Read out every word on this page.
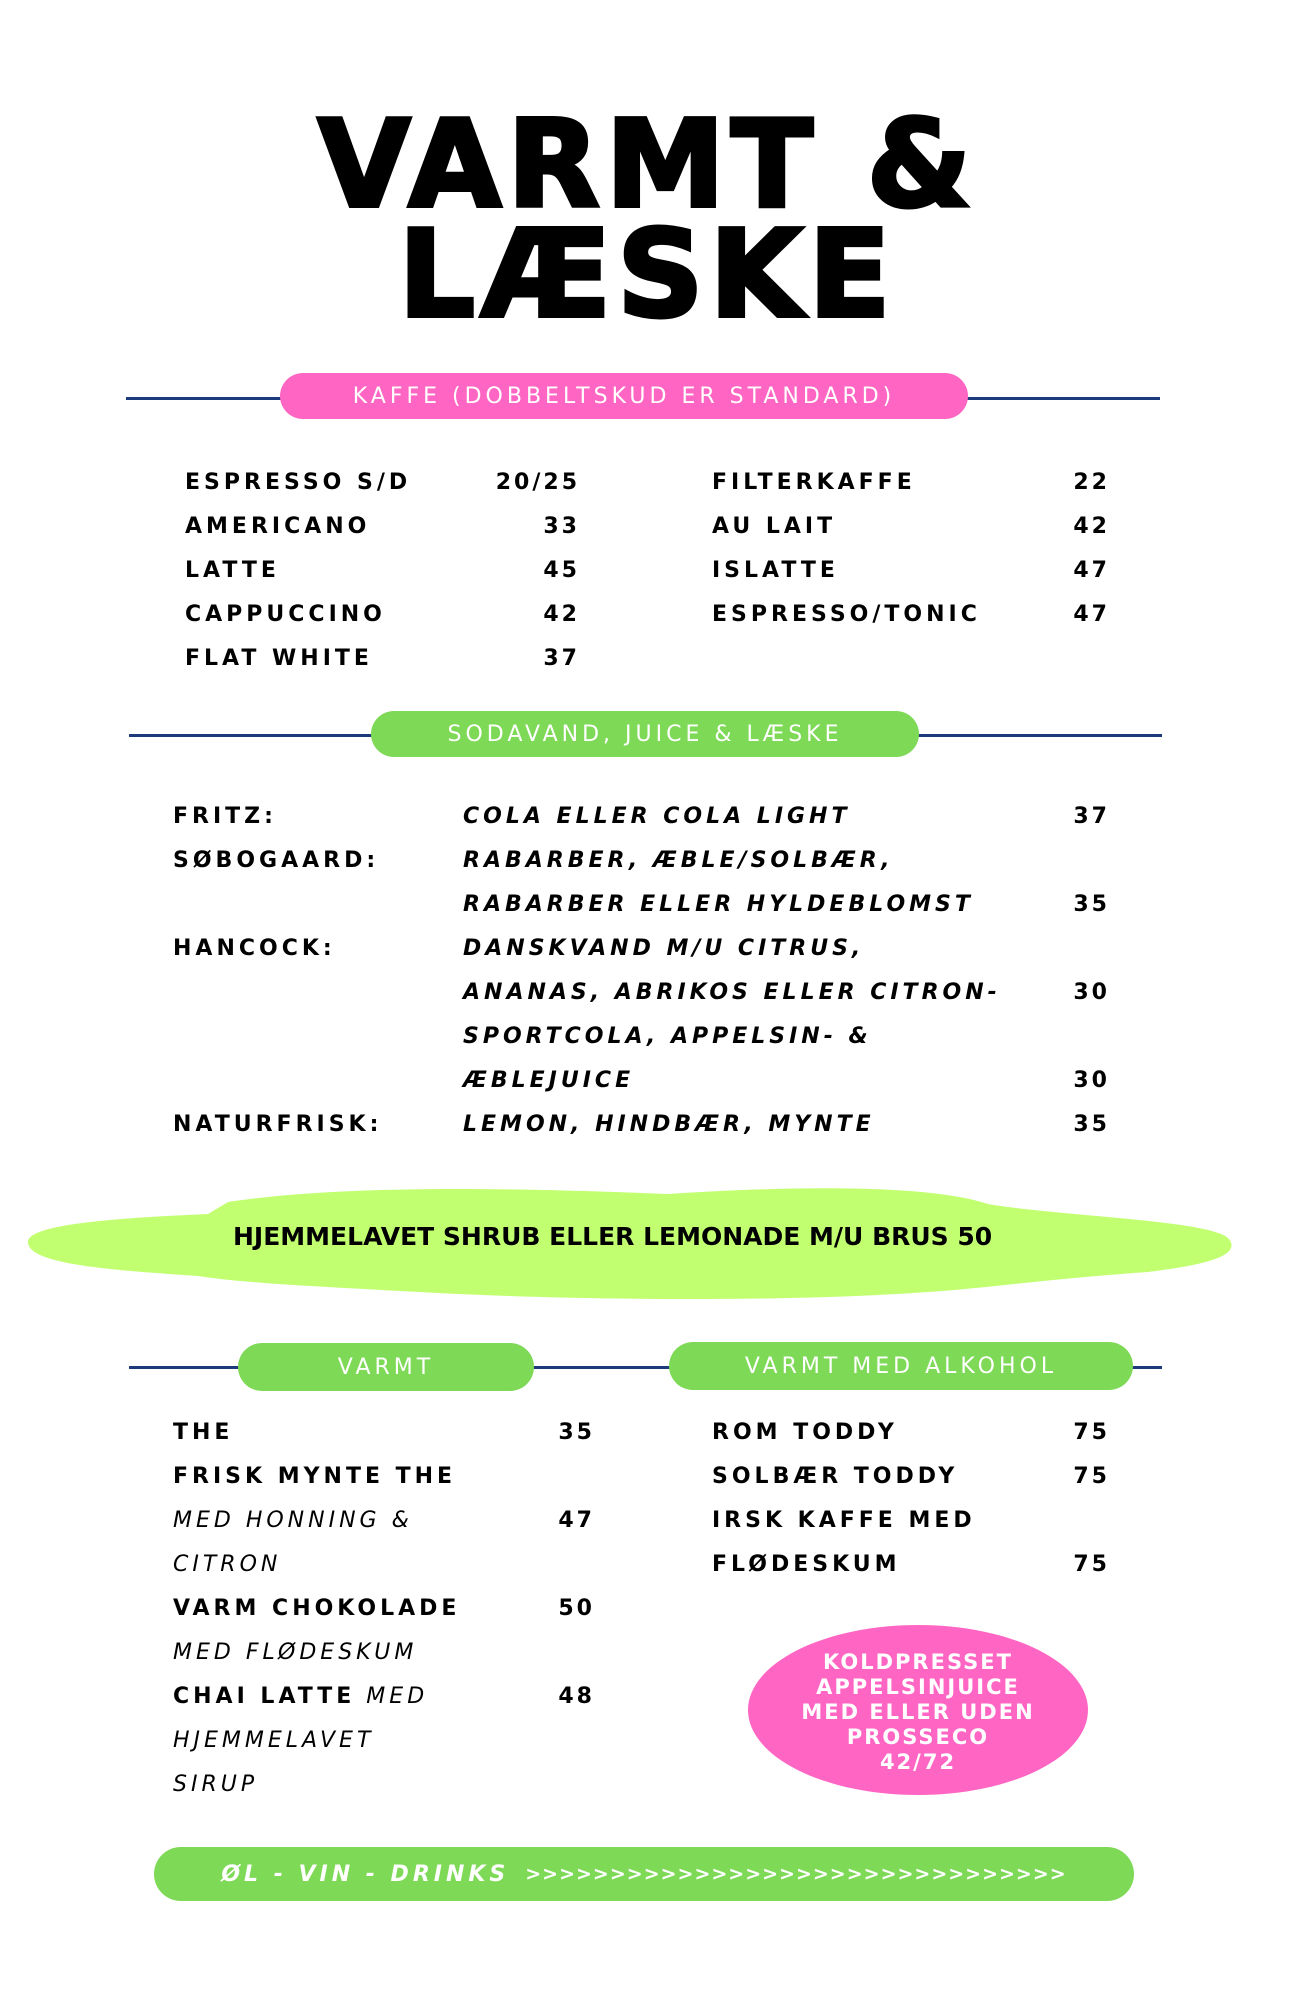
VARMT &
LÆSKE
KAFFE (DOBBELTSKUD ER STANDARD)
ESPRESSO S/D	20/25
AMERICANO	33
LATTE	45
CAPPUCCINO	42
FLAT WHITE	37
FILTERKAFFE	22
AU LAIT	42
ISLATTE	47
ESPRESSO/TONIC	47
SODAVAND, JUICE & LÆSKE
FRITZ:	COLA ELLER COLA LIGHT	37
SØBOGAARD:	RABARBER, ÆBLE/SOLBÆR,
RABARBER ELLER HYLDEBLOMST	35
HANCOCK:	DANSKVAND M/U CITRUS,
ANANAS, ABRIKOS ELLER CITRON-	30
SPORTCOLA, APPELSIN- &
ÆBLEJUICE	30
NATURFRISK:	LEMON, HINDBÆR, MYNTE	35
HJEMMELAVET SHRUB ELLER LEMONADE M/U BRUS 50
VARMT	VARMT MED ALKOHOL
THE	35
FRISK MYNTE THE
MED HONNING &	47
CITRON
VARM CHOKOLADE	50
MED FLØDESKUM
CHAI LATTE MED	48
HJEMMELAVET
SIRUP
ROM TODDY	75
SOLBÆR TODDY	75
IRSK KAFFE MED
FLØDESKUM	75
KOLDPRESSET
APPELSINJUICE
MED ELLER UDEN
PROSSECO
42/72
ØL - VIN - DRINKS >>>>>>>>>>>>>>>>>>>>>>>>>>>>>>>>
